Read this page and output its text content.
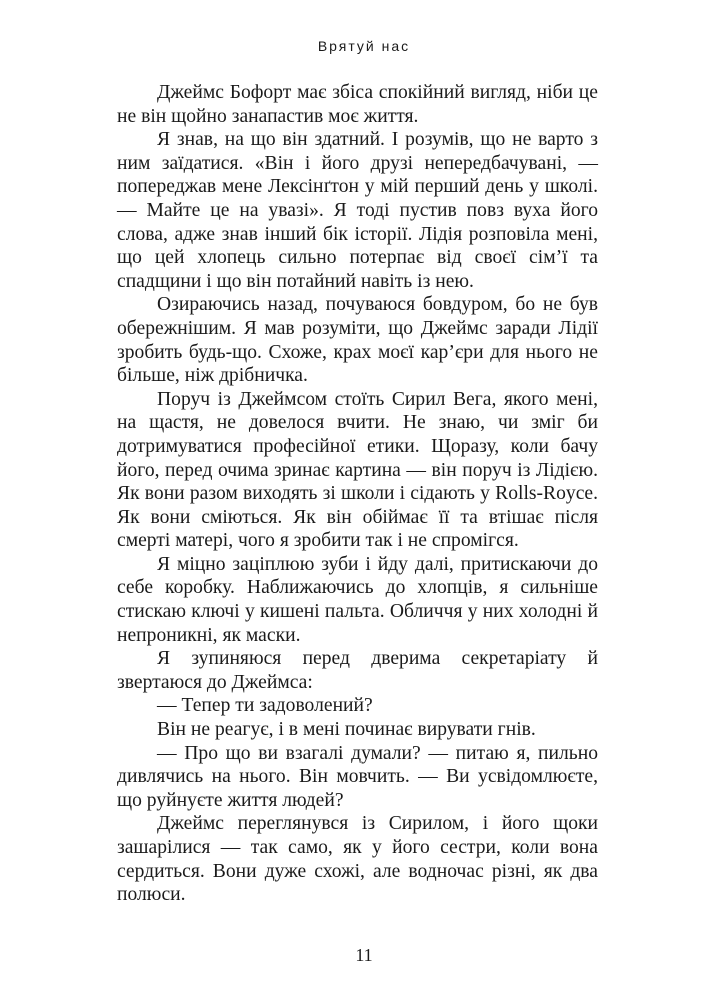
Врятуй нас

Джеймс Бофорт має збіса спокійний вигляд, ніби це не він щойно занапастив моє життя.

Я знав, на що він здатний. І розумів, що не варто з ним заїдатися. «Він і його друзі непередбачувані, — попереджав мене Лексінґтон у мій перший день у школі. — Майте це на увазі». Я тоді пустив повз вуха його слова, адже знав інший бік історії. Лідія розповіла мені, що цей хлопець сильно потерпає від своєї сім’ї та спадщини і що він потайний навіть із нею.

Озираючись назад, почуваюся бовдуром, бо не був обережнішим. Я мав розуміти, що Джеймс заради Лідії зробить будь-що. Схоже, крах моєї кар’єри для нього не більше, ніж дрібничка.

Поруч із Джеймсом стоїть Сирил Вега, якого мені, на щастя, не довелося вчити. Не знаю, чи зміг би дотримуватися професійної етики. Щоразу, коли бачу його, перед очима зринає картина — він поруч із Лідією. Як вони разом виходять зі школи і сідають у Rolls-Royce. Як вони сміються. Як він обіймає її та втішає після смерті матері, чого я зробити так і не спромігся.

Я міцно заціплюю зуби і йду далі, притискаючи до себе коробку. Наближаючись до хлопців, я сильніше стискаю ключі у кишені пальта. Обличчя у них холодні й непроникні, як маски.

Я зупиняюся перед дверима секретаріату й звертаюся до Джеймса:

— Тепер ти задоволений?

Він не реагує, і в мені починає вирувати гнів.

— Про що ви взагалі думали? — питаю я, пильно дивлячись на нього. Він мовчить. — Ви усвідомлюєте, що руйнуєте життя людей?

Джеймс переглянувся із Сирилом, і його щоки зашарілися — так само, як у його сестри, коли вона сердиться. Вони дуже схожі, але водночас різні, як два полюси.

11
